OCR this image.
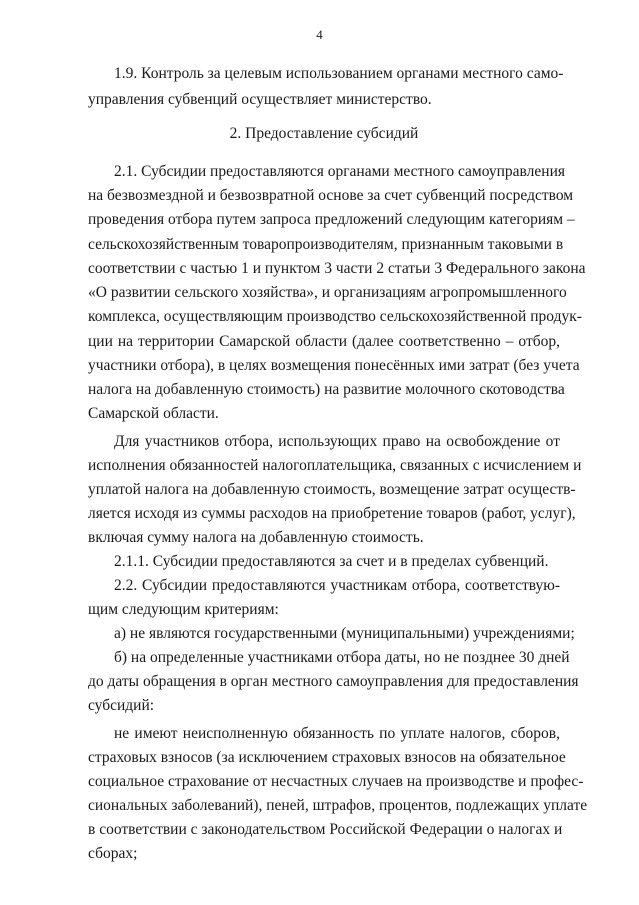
4

1.9. Контроль за целевым использованием органами местного само-

управления субвенций осуществляет министерство.

2. Предоставление субсидий

2.1. Субсидии предоставляются органами местного самоуправления

на безвозмездной и безвозвратной основе за счет субвенций посредством

проведения отбора путем запроса предложений следующим категориям –

сельскохозяйственным товаропроизводителям, признанным таковыми в

соответствии с частью 1 и пунктом 3 части 2 статьи 3 Федерального закона

«О развитии сельского хозяйства», и организациям агропромышленного

комплекса, осуществляющим производство сельскохозяйственной продук-

ции на территории Самарской области (далее соответственно – отбор,

участники отбора), в целях возмещения понесённых ими затрат (без учета

налога на добавленную стоимость) на развитие молочного скотоводства

Самарской области.

Для участников отбора, использующих право на освобождение от

исполнения обязанностей налогоплательщика, связанных с исчислением и

уплатой налога на добавленную стоимость, возмещение затрат осуществ-

ляется исходя из суммы расходов на приобретение товаров (работ, услуг),

включая сумму налога на добавленную стоимость.

2.1.1. Субсидии предоставляются за счет и в пределах субвенций.

2.2. Субсидии предоставляются участникам отбора, соответствую-

щим следующим критериям:

а) не являются государственными (муниципальными) учреждениями;

б) на определенные участниками отбора даты, но не позднее 30 дней

до даты обращения в орган местного самоуправления для предоставления

субсидий:

не имеют неисполненную обязанность по уплате налогов, сборов,

страховых взносов (за исключением страховых взносов на обязательное

социальное страхование от несчастных случаев на производстве и профес-

сиональных заболеваний), пеней, штрафов, процентов, подлежащих уплате

в соответствии с законодательством Российской Федерации о налогах и

сборах;
